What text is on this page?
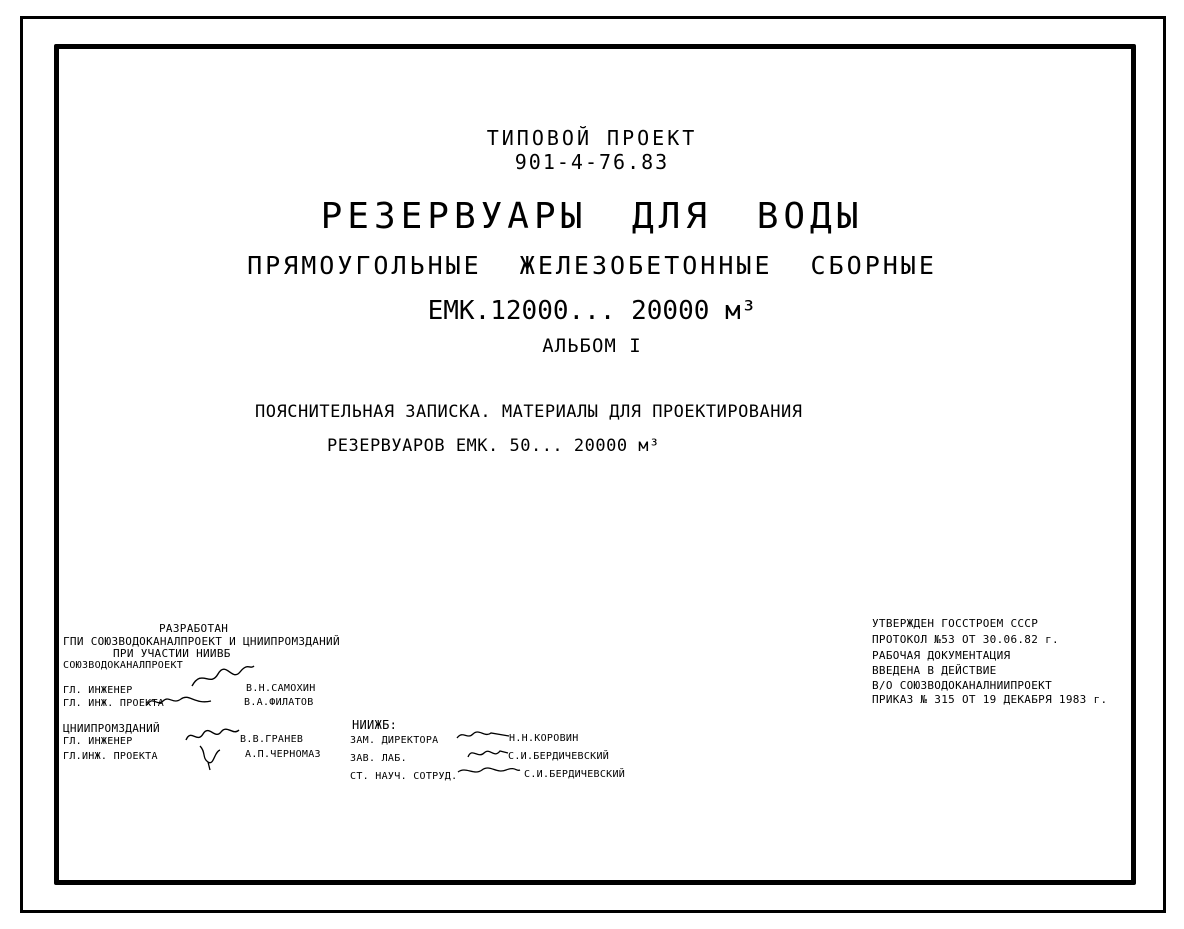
ТИПОВОЙ ПРОЕКТ
901-4-76.83
РЕЗЕРВУАРЫ ДЛЯ ВОДЫ
ПРЯМОУГОЛЬНЫЕ ЖЕЛЕЗОБЕТОННЫЕ СБОРНЫЕ
ЕМК.12000... 20000 м³
АЛЬБОМ I
ПОЯСНИТЕЛЬНАЯ ЗАПИСКА. МАТЕРИАЛЫ ДЛЯ ПРОЕКТИРОВАНИЯ
РЕЗЕРВУАРОВ ЕМК. 50... 20000 м³
РАЗРАБОТАН
ГПИ СОЮЗВОДОКАНАЛПРОЕКТ И ЦНИИПРОМЗДАНИЙ
ПРИ УЧАСТИИ НИИВБ
СОЮЗВОДОКАНАЛПРОЕКТ
ГЛ. ИНЖЕНЕР
ГЛ. ИНЖ. ПРОЕКТА
В.Н.САМОХИН
В.А.ФИЛАТОВ
ЦНИИПРОМЗДАНИЙ
ГЛ. ИНЖЕНЕР
ГЛ.ИНЖ. ПРОЕКТА
В.В.ГРАНЕВ
А.П.ЧЕРНОМАЗ
НИИЖБ:
ЗАМ. ДИРЕКТОРА
ЗАВ. ЛАБ.
СТ. НАУЧ. СОТРУД.
Н.Н.КОРОВИН
С.И.БЕРДИЧЕВСКИЙ
С.И.БЕРДИЧЕВСКИЙ
УТВЕРЖДЕН ГОССТРОЕМ СССР
ПРОТОКОЛ №53 ОТ 30.06.82 г.
РАБОЧАЯ ДОКУМЕНТАЦИЯ
ВВЕДЕНА В ДЕЙСТВИЕ
В/О СОЮЗВОДОКАНАЛНИИПРОЕКТ
ПРИКАЗ № 315 ОТ 19 ДЕКАБРЯ 1983 г.
